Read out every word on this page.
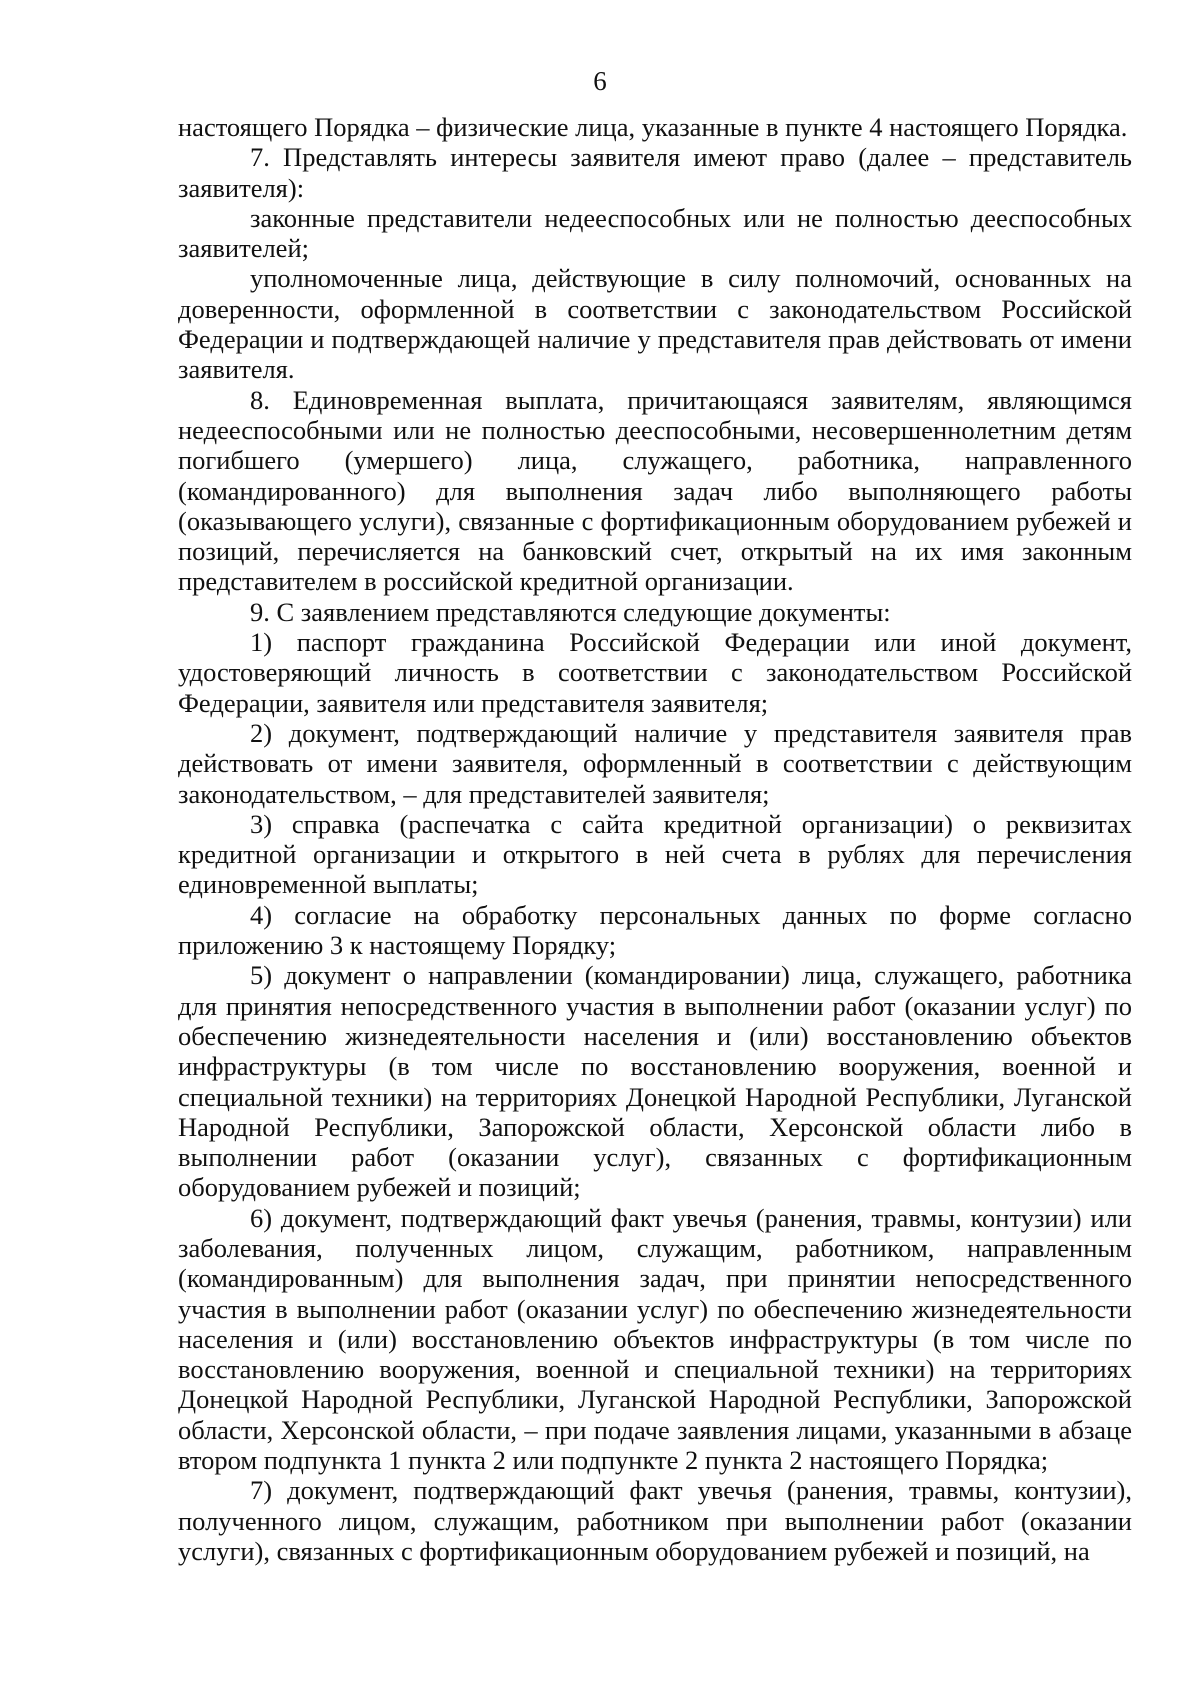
6

настоящего Порядка – физические лица, указанные в пункте 4 настоящего Порядка.

7. Представлять интересы заявителя имеют право (далее – представитель заявителя):

законные представители недееспособных или не полностью дееспособных заявителей;

уполномоченные лица, действующие в силу полномочий, основанных на доверенности, оформленной в соответствии с законодательством Российской Федерации и подтверждающей наличие у представителя прав действовать от имени заявителя.

8. Единовременная выплата, причитающаяся заявителям, являющимся недееспособными или не полностью дееспособными, несовершеннолетним детям погибшего (умершего) лица, служащего, работника, направленного (командированного) для выполнения задач либо выполняющего работы (оказывающего услуги), связанные с фортификационным оборудованием рубежей и позиций, перечисляется на банковский счет, открытый на их имя законным представителем в российской кредитной организации.

9. С заявлением представляются следующие документы:

1) паспорт гражданина Российской Федерации или иной документ, удостоверяющий личность в соответствии с законодательством Российской Федерации, заявителя или представителя заявителя;

2) документ, подтверждающий наличие у представителя заявителя прав действовать от имени заявителя, оформленный в соответствии с действующим законодательством, – для представителей заявителя;

3) справка (распечатка с сайта кредитной организации) о реквизитах кредитной организации и открытого в ней счета в рублях для перечисления единовременной выплаты;

4) согласие на обработку персональных данных по форме согласно приложению 3 к настоящему Порядку;

5) документ о направлении (командировании) лица, служащего, работника для принятия непосредственного участия в выполнении работ (оказании услуг) по обеспечению жизнедеятельности населения и (или) восстановлению объектов инфраструктуры (в том числе по восстановлению вооружения, военной и специальной техники) на территориях Донецкой Народной Республики, Луганской Народной Республики, Запорожской области, Херсонской области либо в выполнении работ (оказании услуг), связанных с фортификационным оборудованием рубежей и позиций;

6) документ, подтверждающий факт увечья (ранения, травмы, контузии) или заболевания, полученных лицом, служащим, работником, направленным (командированным) для выполнения задач, при принятии непосредственного участия в выполнении работ (оказании услуг) по обеспечению жизнедеятельности населения и (или) восстановлению объектов инфраструктуры (в том числе по восстановлению вооружения, военной и специальной техники) на территориях Донецкой Народной Республики, Луганской Народной Республики, Запорожской области, Херсонской области, – при подаче заявления лицами, указанными в абзаце втором подпункта 1 пункта 2 или подпункте 2 пункта 2 настоящего Порядка;

7) документ, подтверждающий факт увечья (ранения, травмы, контузии), полученного лицом, служащим, работником при выполнении работ (оказании услуги), связанных с фортификационным оборудованием рубежей и позиций, на
